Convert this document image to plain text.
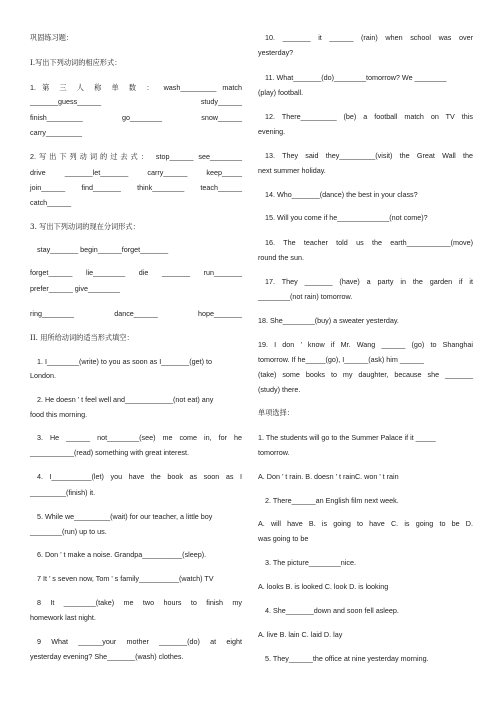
巩固练习题：

I.写出下列动词的相应形式：

1. 第 三 人 称 单 数 ： wash_________ match

_______guess______ study______

finish_________ go________ snow______

carry_________

2.写出下列动词的过去式： stop______ see________

drive _______let_______ carry______ keep_____

join______ find_______ think________ teach______

catch______

3. 写出下列动词的现在分词形式：

stay_______ begin______forget_______

forget______ lie________ die _______ run_______

prefer______ give________

ring________ dance______ hope_______

II. 用所给动词的适当形式填空：

1. I________(write) to you as soon as I_______(get) to

London.

2. He doesn ’ t feel well and____________(not eat) any

food this morning.

3. He ______ not________(see) me come in, for he

___________(read) something with great interest.

4. I__________(let) you have the book as soon as I

_________(finish) it.

5. While we_________(wait) for our teacher, a little boy

________(run) up to us.

6. Don ’ t make a noise. Grandpa__________(sleep).

7 It ’ s seven now, Tom ’ s family__________(watch) TV

8 It ________(take) me two hours to finish my

homework last night.

9 What ______your mother _______(do) at eight

yesterday evening? She_______(wash) clothes.

10. _______ it ______ (rain) when school was over

yesterday?

11. What_______(do)________tomorrow? We ________

(play) football.

12. There_________ (be) a football match on TV this

evening.

13. They said they_________(visit) the Great Wall the

next summer holiday.

14. Who_______(dance) the best in your class?

15. Will you come if he_____________(not come)?

16. The teacher told us the earth___________(move)

round the sun.

17. They _______ (have) a party in the garden if it

________(not rain) tomorrow.

18. She________(buy) a sweater yesterday.

19. I don ’ know if Mr. Wang ______ (go) to Shanghai

tomorrow. If he_____(go), I______(ask) him ______

(take) some books to my daughter, because she _______

(study) there.

单项选择：

1. The students will go to the Summer Palace if it _____

tomorrow.

A. Don ’ t rain. B. doesn ’ t rainC. won ’ t rain

2. There______an English film next week.

A. will have B. is going to have C. is going to be D.

was going to be

3. The picture________nice.

A. looks B. is looked C. look D. is looking

4. She_______down and soon fell asleep.

A. live B. lain C. laid D. lay

5. They______the office at nine yesterday morning.
